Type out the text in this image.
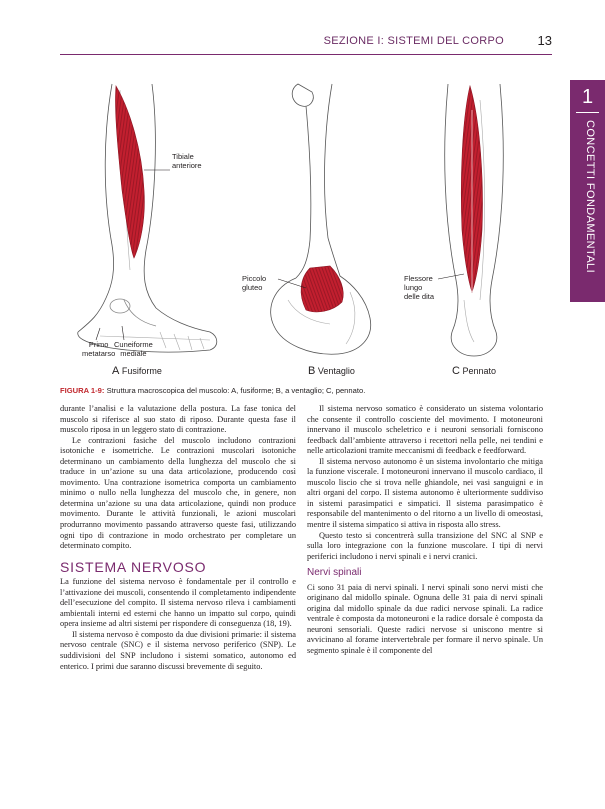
SEZIONE I: SISTEMI DEL CORPO	13
1
CONCETTI FONDAMENTALI
Tibiale
anteriore
Piccolo
gluteo
Flessore
lungo
delle dita
Primo
metatarso
Cuneiforme
mediale
A Fusiforme	B Ventaglio	C Pennato
FIGURA 1-9: Struttura macroscopica del muscolo: A, fusiforme; B, a ventaglio; C, pennato.

durante l’analisi e la valutazione della postura. La fase tonica del muscolo si riferisce al suo stato di riposo. Durante questa fase il muscolo riposa in un leggero stato di contrazione.

Le contrazioni fasiche del muscolo includono contrazioni isotoniche e isometriche. Le contrazioni muscolari isotoniche determinano un cambiamento della lunghezza del muscolo che si traduce in un’azione su una data articolazione, producendo così movimento. Una contrazione isometrica comporta un cambiamento minimo o nullo nella lunghezza del muscolo che, in genere, non determina un’azione su una data articolazione, quindi non produce movimento. Durante le attività funzionali, le azioni muscolari produrranno movimento passando attraverso queste fasi, utilizzando ogni tipo di contrazione in modo orchestrato per completare un determinato compito.

SISTEMA NERVOSO

La funzione del sistema nervoso è fondamentale per il controllo e l’attivazione dei muscoli, consentendo il completamento indipendente dell’esecuzione del compito. Il sistema nervoso rileva i cambiamenti ambientali interni ed esterni che hanno un impatto sul corpo, quindi opera insieme ad altri sistemi per rispondere di conseguenza (18, 19).

Il sistema nervoso è composto da due divisioni primarie: il sistema nervoso centrale (SNC) e il sistema nervoso periferico (SNP). Le suddivisioni del SNP includono i sistemi somatico, autonomo ed enterico. I primi due saranno discussi brevemente di seguito.

Il sistema nervoso somatico è considerato un sistema volontario che consente il controllo cosciente del movimento. I motoneuroni innervano il muscolo scheletrico e i neuroni sensoriali forniscono feedback dall’ambiente attraverso i recettori nella pelle, nei tendini e nelle articolazioni tramite meccanismi di feedback e feedforward.

Il sistema nervoso autonomo è un sistema involontario che mitiga la funzione viscerale. I motoneuroni innervano il muscolo cardiaco, il muscolo liscio che si trova nelle ghiandole, nei vasi sanguigni e in altri organi del corpo. Il sistema autonomo è ulteriormente suddiviso in sistemi parasimpatici e simpatici. Il sistema parasimpatico è responsabile del mantenimento o del ritorno a un livello di omeostasi, mentre il sistema simpatico si attiva in risposta allo stress.

Questo testo si concentrerà sulla transizione del SNC al SNP e sulla loro integrazione con la funzione muscolare. I tipi di nervi periferici includono i nervi spinali e i nervi cranici.

Nervi spinali

Ci sono 31 paia di nervi spinali. I nervi spinali sono nervi misti che originano dal midollo spinale. Ognuna delle 31 paia di nervi spinali origina dal midollo spinale da due radici nervose spinali. La radice ventrale è composta da motoneuroni e la radice dorsale è composta da neuroni sensoriali. Queste radici nervose si uniscono mentre si avvicinano al forame intervertebrale per formare il nervo spinale. Un segmento spinale è il componente del
